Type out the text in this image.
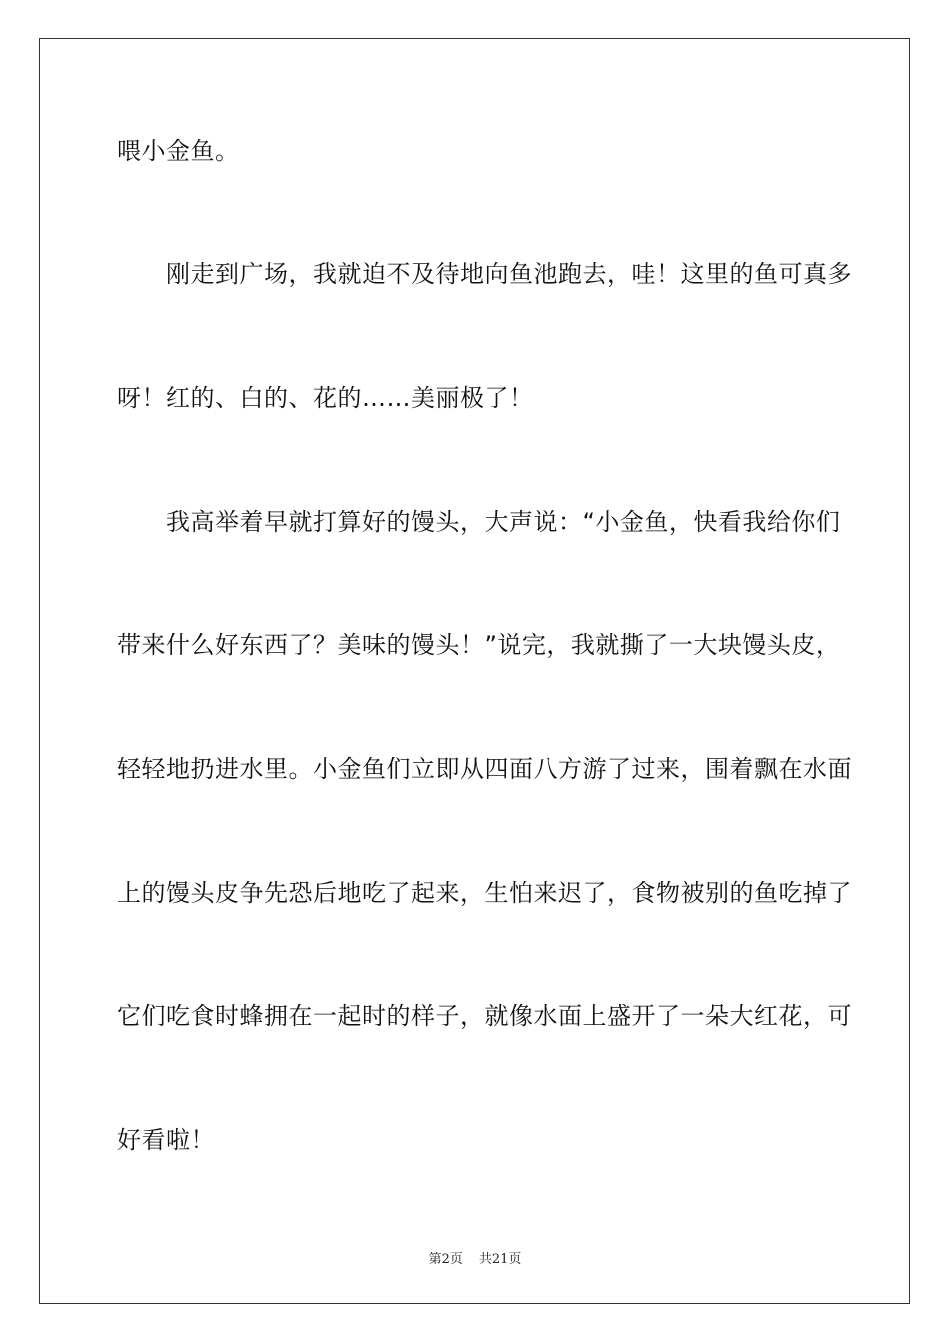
喂小金鱼。
刚走到广场，我就迫不及待地向鱼池跑去，哇！这里的鱼可真多
呀！红的、白的、花的……美丽极了！
我高举着早就打算好的馒头，大声说：“小金鱼，快看我给你们
带来什么好东西了？美味的馒头！”说完，我就撕了一大块馒头皮，
轻轻地扔进水里。小金鱼们立即从四面八方游了过来，围着飘在水面
上的馒头皮争先恐后地吃了起来，生怕来迟了，食物被别的鱼吃掉了
它们吃食时蜂拥在一起时的样子，就像水面上盛开了一朵大红花，可
好看啦！
第2页 共21页
